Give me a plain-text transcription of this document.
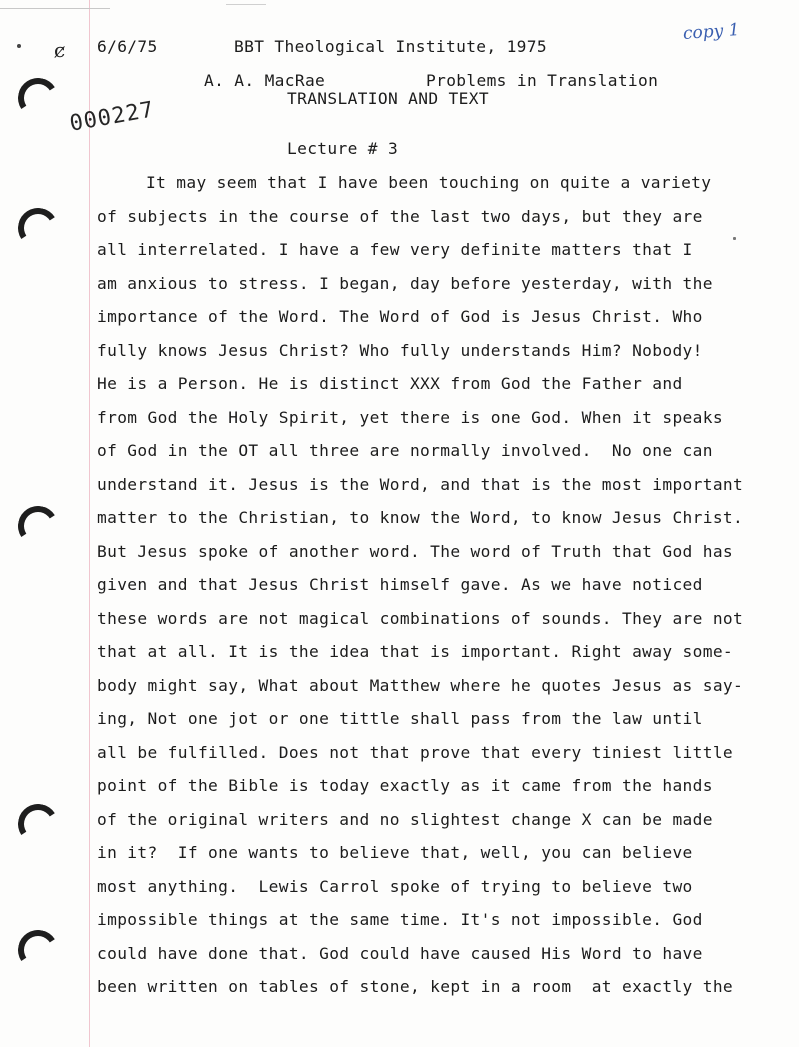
ȼ
copy 1
000227
6/6/75	BBT Theological Institute, 1975
A. A. MacRae	Problems in Translation
TRANSLATION AND TEXT
Lecture # 3
It may seem that I have been touching on quite a variety
of subjects in the course of the last two days, but they are
all interrelated. I have a few very definite matters that I
am anxious to stress. I began, day before yesterday, with the
importance of the Word. The Word of God is Jesus Christ. Who
fully knows Jesus Christ? Who fully understands Him? Nobody!
He is a Person. He is distinct XXX from God the Father and
from God the Holy Spirit, yet there is one God. When it speaks
of God in the OT all three are normally involved.  No one can
understand it. Jesus is the Word, and that is the most important
matter to the Christian, to know the Word, to know Jesus Christ.
But Jesus spoke of another word. The word of Truth that God has
given and that Jesus Christ himself gave. As we have noticed
these words are not magical combinations of sounds. They are not
that at all. It is the idea that is important. Right away some-
body might say, What about Matthew where he quotes Jesus as say-
ing, Not one jot or one tittle shall pass from the law until
all be fulfilled. Does not that prove that every tiniest little
point of the Bible is today exactly as it came from the hands
of the original writers and no slightest change X can be made
in it?  If one wants to believe that, well, you can believe
most anything.  Lewis Carrol spoke of trying to believe two
impossible things at the same time. It's not impossible. God
could have done that. God could have caused His Word to have
been written on tables of stone, kept in a room  at exactly the
